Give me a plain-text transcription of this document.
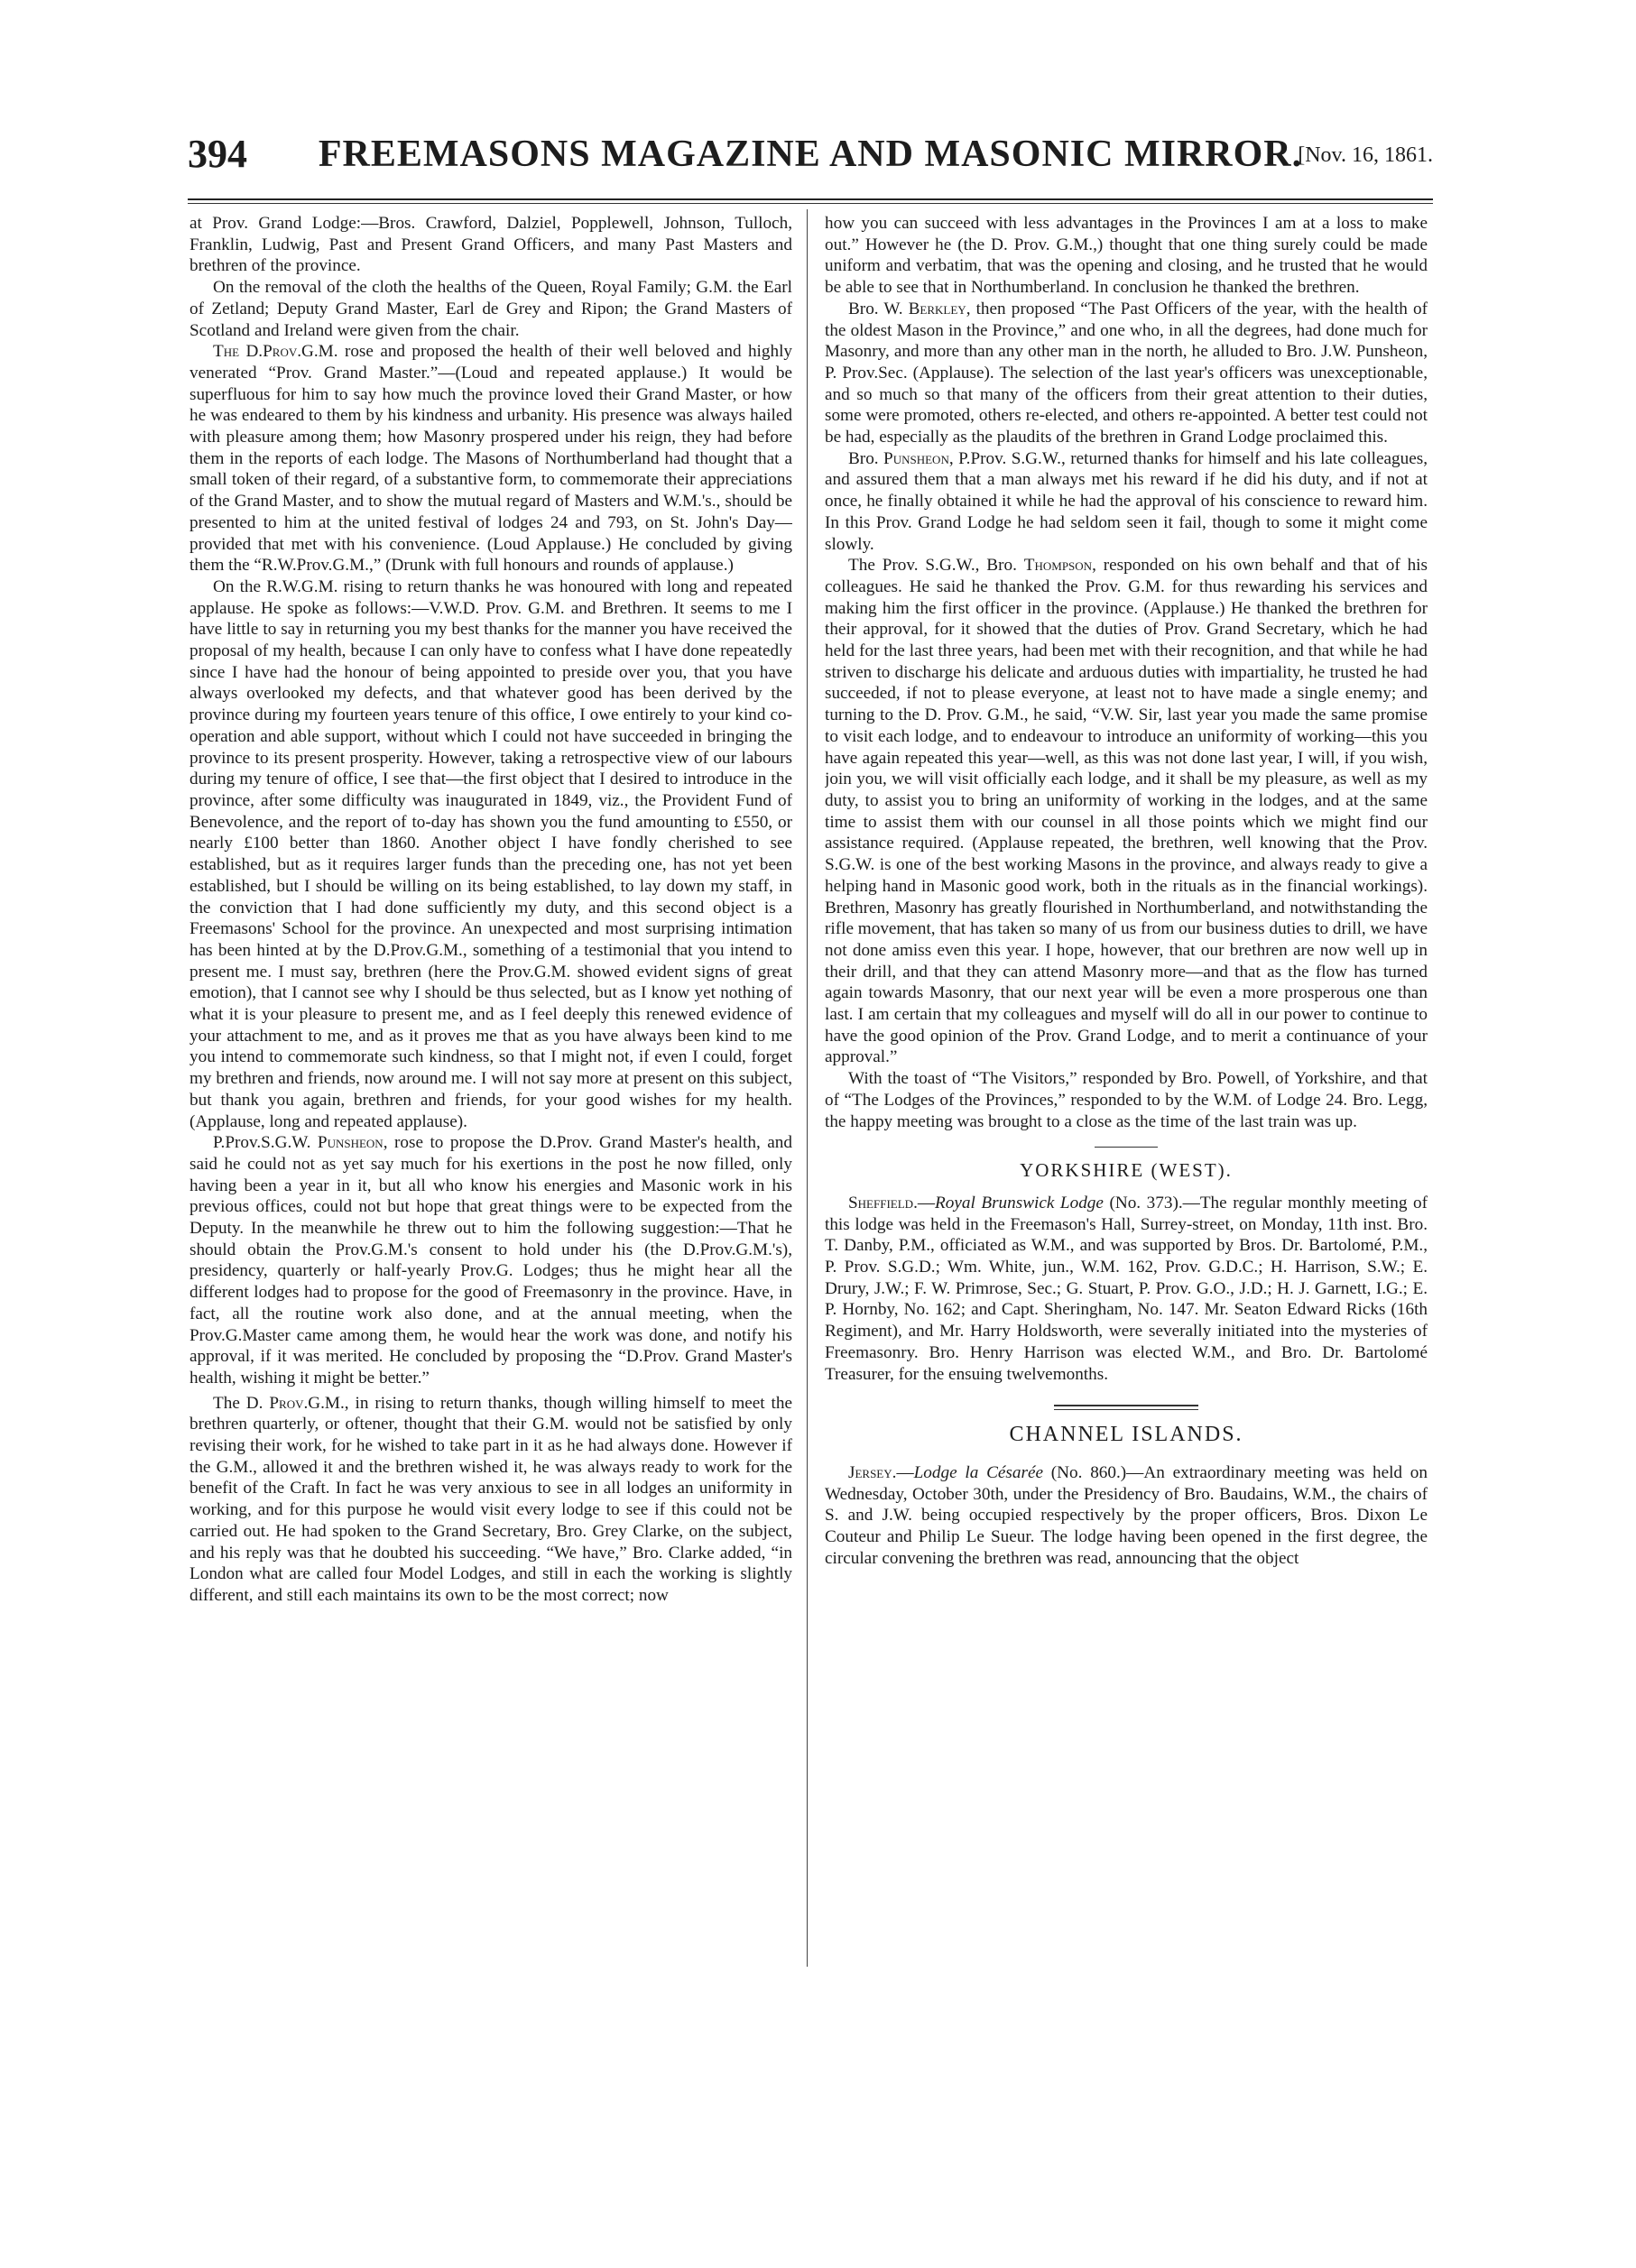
394	FREEMASONS MAGAZINE AND MASONIC MIRROR.
[Nov. 16, 1861.

at Prov. Grand Lodge:—Bros. Crawford, Dalziel, Popplewell, Johnson, Tulloch, Franklin, Ludwig, Past and Present Grand Officers, and many Past Masters and brethren of the province.

On the removal of the cloth the healths of the Queen, Royal Family; G.M. the Earl of Zetland; Deputy Grand Master, Earl de Grey and Ripon; the Grand Masters of Scotland and Ireland were given from the chair.

The D.Prov.G.M. rose and proposed the health of their well beloved and highly venerated “Prov. Grand Master.”—(Loud and repeated applause.) It would be superfluous for him to say how much the province loved their Grand Master, or how he was endeared to them by his kindness and urbanity. His presence was always hailed with pleasure among them; how Masonry prospered under his reign, they had before them in the reports of each lodge. The Masons of Northumberland had thought that a small token of their regard, of a substantive form, to commemorate their appreciations of the Grand Master, and to show the mutual regard of Masters and W.M.'s., should be presented to him at the united festival of lodges 24 and 793, on St. John's Day—provided that met with his convenience. (Loud Applause.) He concluded by giving them the “R.W.Prov.G.M.,” (Drunk with full honours and rounds of applause.)

On the R.W.G.M. rising to return thanks he was honoured with long and repeated applause. He spoke as follows:—V.W.D. Prov. G.M. and Brethren. It seems to me I have little to say in returning you my best thanks for the manner you have received the proposal of my health, because I can only have to confess what I have done repeatedly since I have had the honour of being appointed to preside over you, that you have always overlooked my defects, and that whatever good has been derived by the province during my fourteen years tenure of this office, I owe entirely to your kind co-operation and able support, without which I could not have succeeded in bringing the province to its present prosperity. However, taking a retrospective view of our labours during my tenure of office, I see that—the first object that I desired to introduce in the province, after some difficulty was inaugurated in 1849, viz., the Provident Fund of Benevolence, and the report of to-day has shown you the fund amounting to £550, or nearly £100 better than 1860. Another object I have fondly cherished to see established, but as it requires larger funds than the preceding one, has not yet been established, but I should be willing on its being established, to lay down my staff, in the conviction that I had done sufficiently my duty, and this second object is a Freemasons' School for the province. An unexpected and most surprising intimation has been hinted at by the D.Prov.G.M., something of a testimonial that you intend to present me. I must say, brethren (here the Prov.G.M. showed evident signs of great emotion), that I cannot see why I should be thus selected, but as I know yet nothing of what it is your pleasure to present me, and as I feel deeply this renewed evidence of your attachment to me, and as it proves me that as you have always been kind to me you intend to commemorate such kindness, so that I might not, if even I could, forget my brethren and friends, now around me. I will not say more at present on this subject, but thank you again, brethren and friends, for your good wishes for my health. (Applause, long and repeated applause).

P.Prov.S.G.W. Punsheon, rose to propose the D.Prov. Grand Master's health, and said he could not as yet say much for his exertions in the post he now filled, only having been a year in it, but all who know his energies and Masonic work in his previous offices, could not but hope that great things were to be expected from the Deputy. In the meanwhile he threw out to him the following suggestion:—That he should obtain the Prov.G.M.'s consent to hold under his (the D.Prov.G.M.'s), presidency, quarterly or half-yearly Prov.G. Lodges; thus he might hear all the different lodges had to propose for the good of Freemasonry in the province. Have, in fact, all the routine work also done, and at the annual meeting, when the Prov.G.Master came among them, he would hear the work was done, and notify his approval, if it was merited. He concluded by proposing the “D.Prov. Grand Master's health, wishing it might be better.”

The D. Prov.G.M., in rising to return thanks, though willing himself to meet the brethren quarterly, or oftener, thought that their G.M. would not be satisfied by only revising their work, for he wished to take part in it as he had always done. However if the G.M., allowed it and the brethren wished it, he was always ready to work for the benefit of the Craft. In fact he was very anxious to see in all lodges an uniformity in working, and for this purpose he would visit every lodge to see if this could not be carried out. He had spoken to the Grand Secretary, Bro. Grey Clarke, on the subject, and his reply was that he doubted his succeeding. “We have,” Bro. Clarke added, “in London what are called four Model Lodges, and still in each the working is slightly different, and still each maintains its own to be the most correct; now

how you can succeed with less advantages in the Provinces I am at a loss to make out.” However he (the D. Prov. G.M.,) thought that one thing surely could be made uniform and verbatim, that was the opening and closing, and he trusted that he would be able to see that in Northumberland. In conclusion he thanked the brethren.

Bro. W. Berkley, then proposed “The Past Officers of the year, with the health of the oldest Mason in the Province,” and one who, in all the degrees, had done much for Masonry, and more than any other man in the north, he alluded to Bro. J.W. Punsheon, P. Prov.Sec. (Applause). The selection of the last year's officers was unexceptionable, and so much so that many of the officers from their great attention to their duties, some were promoted, others re-elected, and others re-appointed. A better test could not be had, especially as the plaudits of the brethren in Grand Lodge proclaimed this.

Bro. Punsheon, P.Prov. S.G.W., returned thanks for himself and his late colleagues, and assured them that a man always met his reward if he did his duty, and if not at once, he finally obtained it while he had the approval of his conscience to reward him. In this Prov. Grand Lodge he had seldom seen it fail, though to some it might come slowly.

The Prov. S.G.W., Bro. Thompson, responded on his own behalf and that of his colleagues. He said he thanked the Prov. G.M. for thus rewarding his services and making him the first officer in the province. (Applause.) He thanked the brethren for their approval, for it showed that the duties of Prov. Grand Secretary, which he had held for the last three years, had been met with their recognition, and that while he had striven to discharge his delicate and arduous duties with impartiality, he trusted he had succeeded, if not to please everyone, at least not to have made a single enemy; and turning to the D. Prov. G.M., he said, “V.W. Sir, last year you made the same promise to visit each lodge, and to endeavour to introduce an uniformity of working—this you have again repeated this year—well, as this was not done last year, I will, if you wish, join you, we will visit officially each lodge, and it shall be my pleasure, as well as my duty, to assist you to bring an uniformity of working in the lodges, and at the same time to assist them with our counsel in all those points which we might find our assistance required. (Applause repeated, the brethren, well knowing that the Prov. S.G.W. is one of the best working Masons in the province, and always ready to give a helping hand in Masonic good work, both in the rituals as in the financial workings). Brethren, Masonry has greatly flourished in Northumberland, and notwithstanding the rifle movement, that has taken so many of us from our business duties to drill, we have not done amiss even this year. I hope, however, that our brethren are now well up in their drill, and that they can attend Masonry more—and that as the flow has turned again towards Masonry, that our next year will be even a more prosperous one than last. I am certain that my colleagues and myself will do all in our power to continue to have the good opinion of the Prov. Grand Lodge, and to merit a continuance of your approval.”

With the toast of “The Visitors,” responded by Bro. Powell, of Yorkshire, and that of “The Lodges of the Provinces,” responded to by the W.M. of Lodge 24. Bro. Legg, the happy meeting was brought to a close as the time of the last train was up.

YORKSHIRE (WEST).

Sheffield.—Royal Brunswick Lodge (No. 373).—The regular monthly meeting of this lodge was held in the Freemason's Hall, Surrey-street, on Monday, 11th inst. Bro. T. Danby, P.M., officiated as W.M., and was supported by Bros. Dr. Bartolomé, P.M., P. Prov. S.G.D.; Wm. White, jun., W.M. 162, Prov. G.D.C.; H. Harrison, S.W.; E. Drury, J.W.; F. W. Primrose, Sec.; G. Stuart, P. Prov. G.O., J.D.; H. J. Garnett, I.G.; E. P. Hornby, No. 162; and Capt. Sheringham, No. 147. Mr. Seaton Edward Ricks (16th Regiment), and Mr. Harry Holdsworth, were severally initiated into the mysteries of Freemasonry. Bro. Henry Harrison was elected W.M., and Bro. Dr. Bartolomé Treasurer, for the ensuing twelvemonths.

CHANNEL ISLANDS.

Jersey.—Lodge la Césarée (No. 860.)—An extraordinary meeting was held on Wednesday, October 30th, under the Presidency of Bro. Baudains, W.M., the chairs of S. and J.W. being occupied respectively by the proper officers, Bros. Dixon Le Couteur and Philip Le Sueur. The lodge having been opened in the first degree, the circular convening the brethren was read, announcing that the object
